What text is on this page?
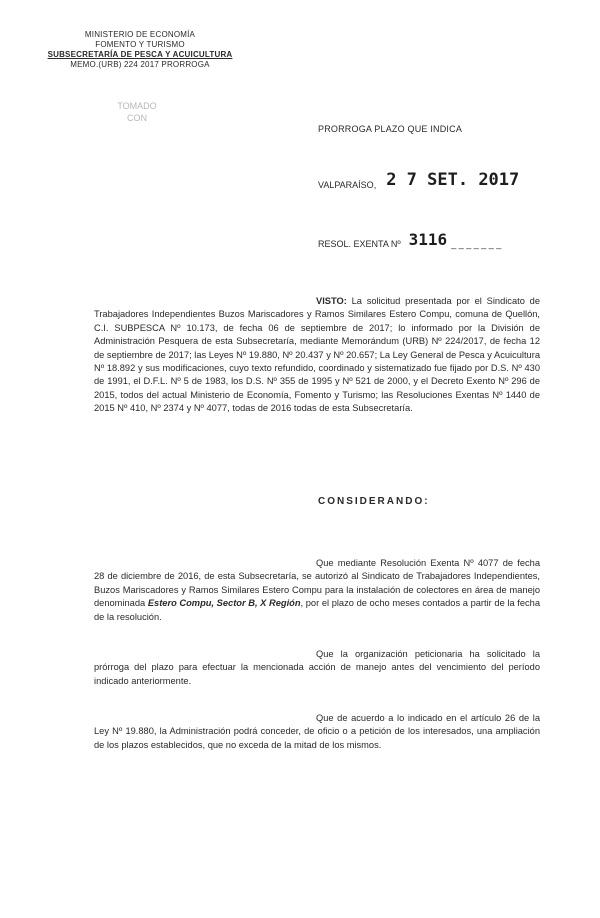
MINISTERIO DE ECONOMÍA
FOMENTO Y TURISMO
SUBSECRETARÍA DE PESCA Y ACUICULTURA
MEMO.(URB) 224 2017 PRORROGA
TOMADO
CON
PRORROGA PLAZO QUE INDICA
VALPARAÍSO, 2 7 SET. 2017
RESOL. EXENTA Nº 3116 _ _ _ _ _ _ _
VISTO: La solicitud presentada por el Sindicato de Trabajadores Independientes Buzos Mariscadores y Ramos Similares Estero Compu, comuna de Quellón, C.I. SUBPESCA Nº 10.173, de fecha 06 de septiembre de 2017; lo informado por la División de Administración Pesquera de esta Subsecretaría, mediante Memorándum (URB) Nº 224/2017, de fecha 12 de septiembre de 2017; las Leyes Nº 19.880, Nº 20.437 y Nº 20.657; La Ley General de Pesca y Acuicultura Nº 18.892 y sus modificaciones, cuyo texto refundido, coordinado y sistematizado fue fijado por D.S. Nº 430 de 1991, el D.F.L. Nº 5 de 1983, los D.S. Nº 355 de 1995 y Nº 521 de 2000, y el Decreto Exento Nº 296 de 2015, todos del actual Ministerio de Economía, Fomento y Turismo; las Resoluciones Exentas Nº 1440 de 2015 Nº 410, Nº 2374 y Nº 4077, todas de 2016 todas de esta Subsecretaría.
CONSIDERANDO:
Que mediante Resolución Exenta Nº 4077 de fecha 28 de diciembre de 2016, de esta Subsecretaría, se autorizó al Sindicato de Trabajadores Independientes, Buzos Mariscadores y Ramos Similares Estero Compu para la instalación de colectores en área de manejo denominada Estero Compu, Sector B, X Región, por el plazo de ocho meses contados a partir de la fecha de la resolución.
Que la organización peticionaria ha solicitado la prórroga del plazo para efectuar la mencionada acción de manejo antes del vencimiento del período indicado anteriormente.
Que de acuerdo a lo indicado en el artículo 26 de la Ley Nº 19.880, la Administración podrá conceder, de oficio o a petición de los interesados, una ampliación de los plazos establecidos, que no exceda de la mitad de los mismos.
